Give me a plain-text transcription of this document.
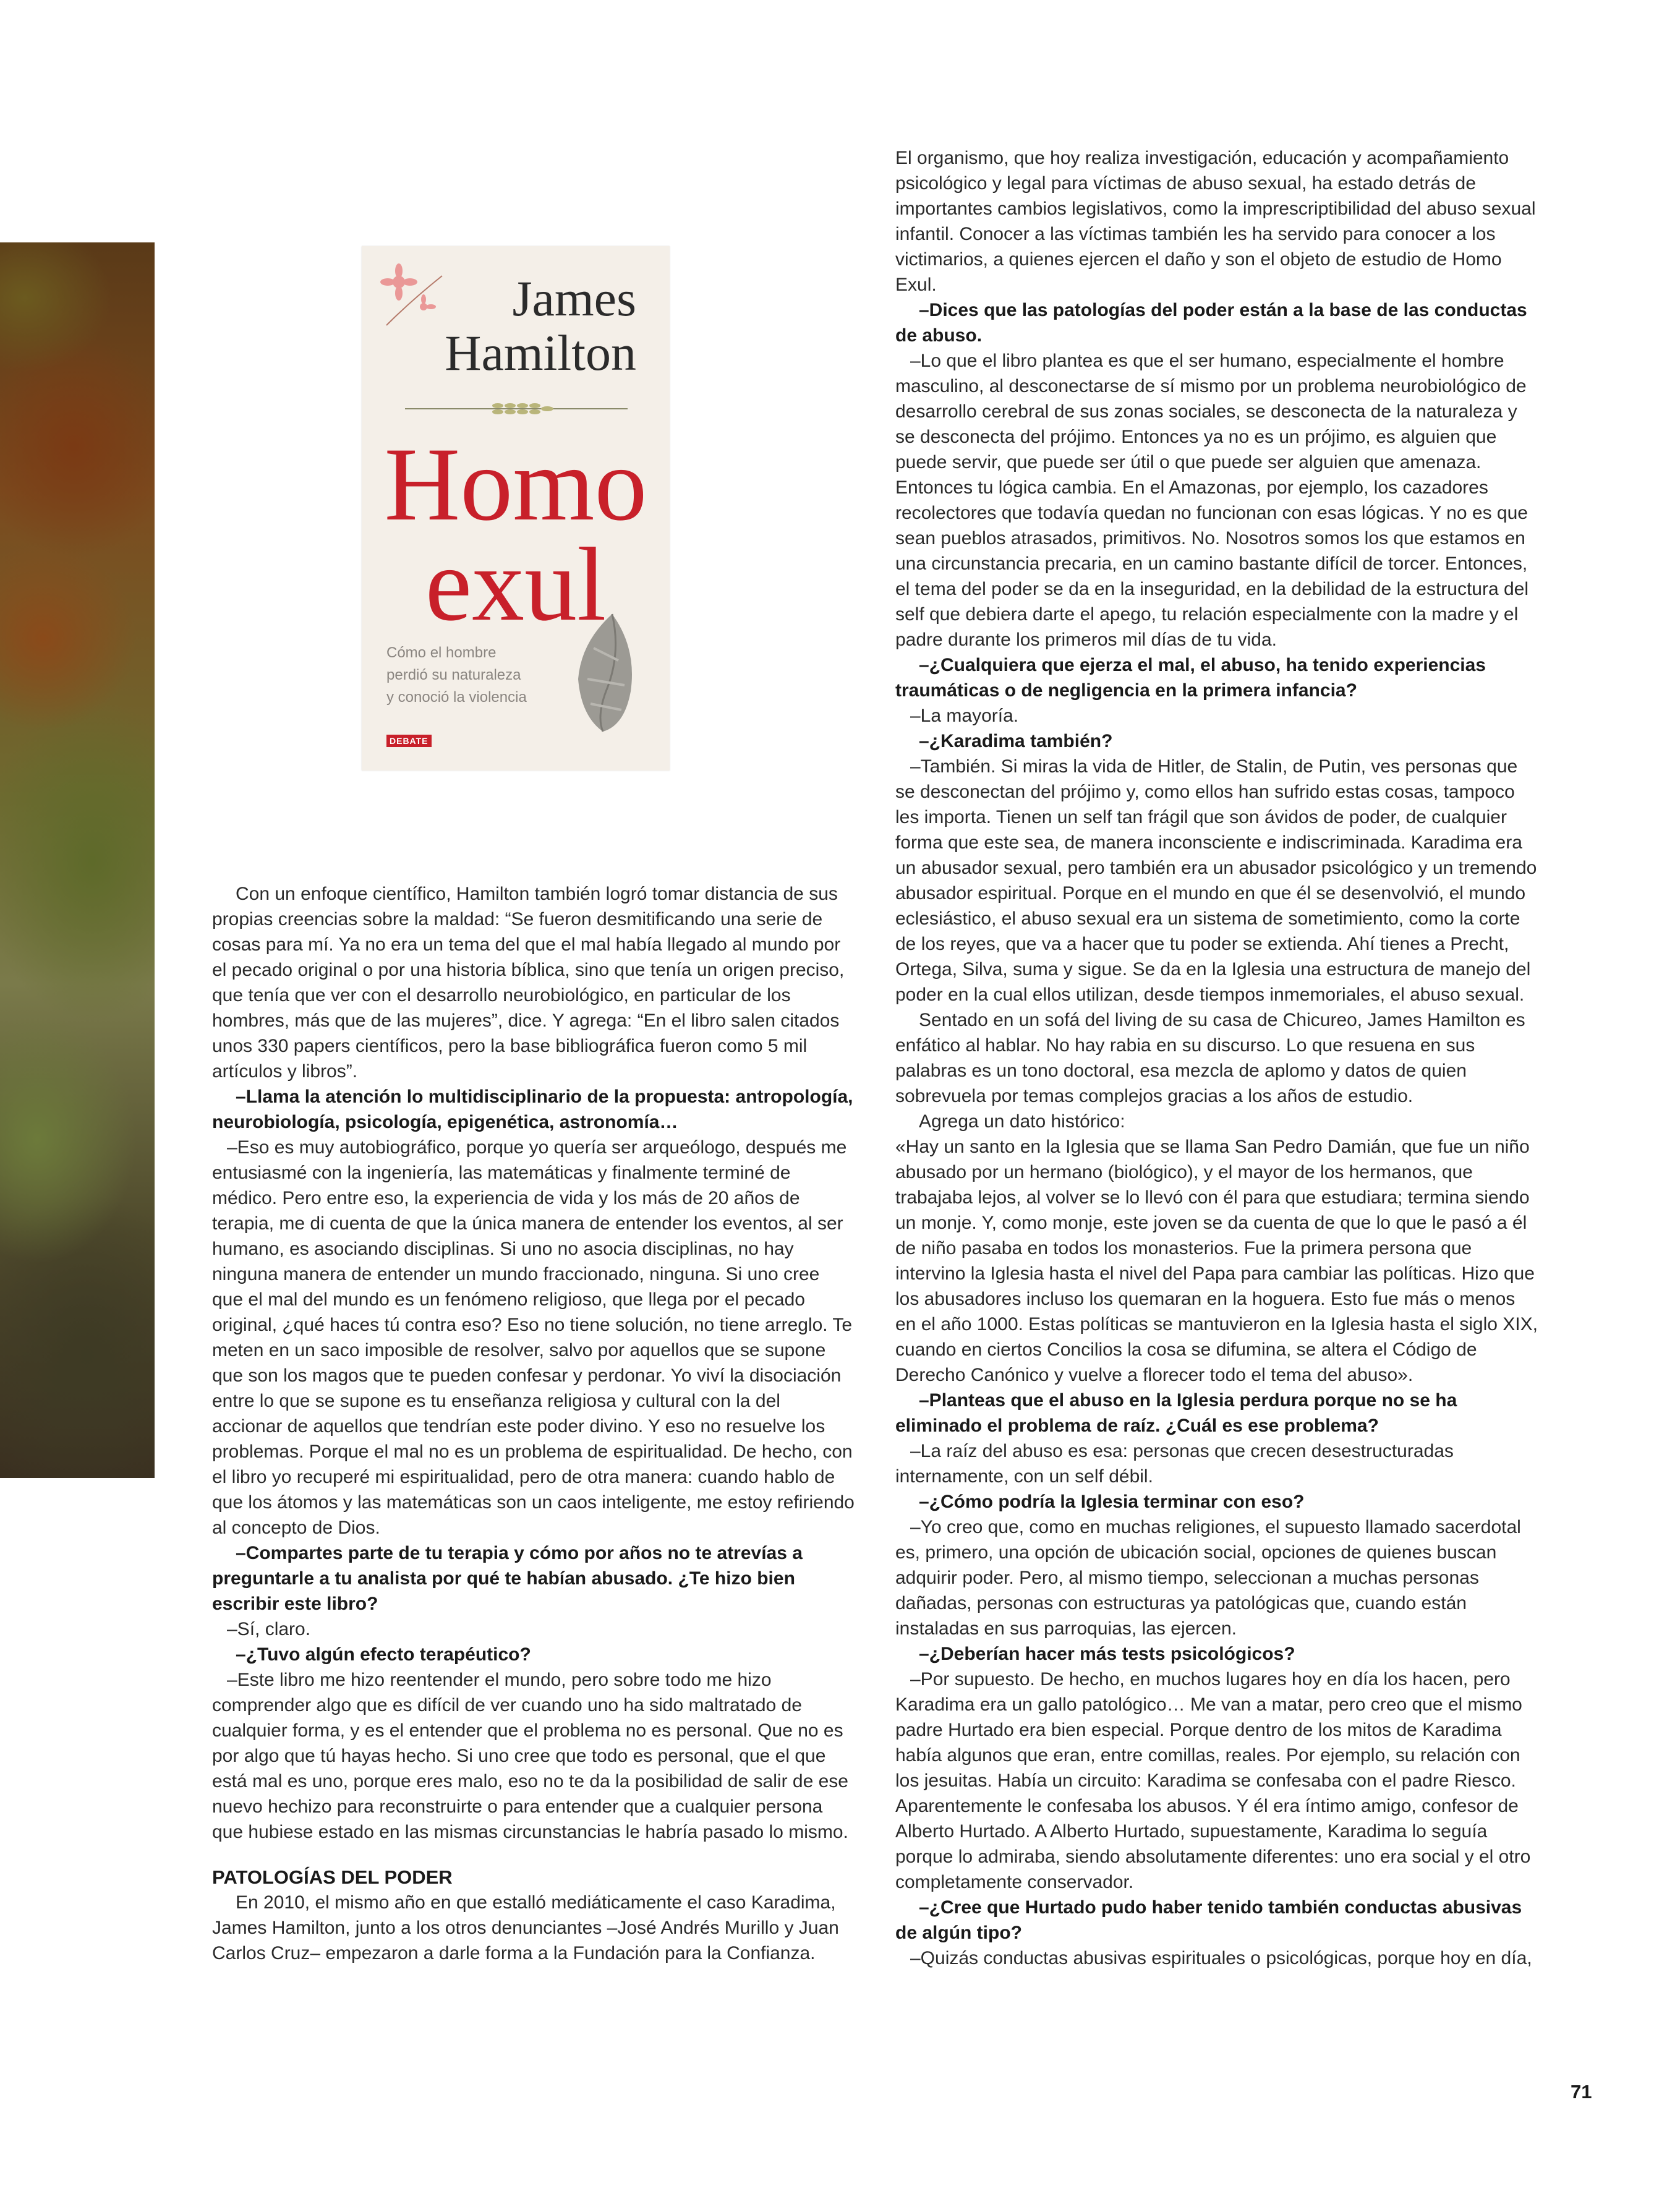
James
Hamilton
Homo
exul
Cómo el hombre
perdió su naturaleza
y conoció la violencia
DEBATE

Con un enfoque científico, Hamilton también logró tomar distancia de sus propias creencias sobre la maldad: “Se fueron desmitificando una serie de cosas para mí. Ya no era un tema del que el mal había llegado al mundo por el pecado original o por una historia bíblica, sino que tenía un origen preciso, que tenía que ver con el desarrollo neurobiológico, en particular de los hombres, más que de las mujeres”, dice. Y agrega: “En el libro salen citados unos 330 papers científicos, pero la base bibliográfica fueron como 5 mil artículos y libros”.

–Llama la atención lo multidisciplinario de la propuesta: antropología, neurobiología, psicología, epigenética, astronomía…

–Eso es muy autobiográfico, porque yo quería ser arqueólogo, después me entusiasmé con la ingeniería, las matemáticas y finalmente terminé de médico. Pero entre eso, la experiencia de vida y los más de 20 años de terapia, me di cuenta de que la única manera de entender los eventos, al ser humano, es asociando disciplinas. Si uno no asocia disciplinas, no hay ninguna manera de entender un mundo fraccionado, ninguna. Si uno cree que el mal del mundo es un fenómeno religioso, que llega por el pecado original, ¿qué haces tú contra eso? Eso no tiene solución, no tiene arreglo. Te meten en un saco imposible de resolver, salvo por aquellos que se supone que son los magos que te pueden confesar y perdonar. Yo viví la disociación entre lo que se supone es tu enseñanza religiosa y cultural con la del accionar de aquellos que tendrían este poder divino. Y eso no resuelve los problemas. Porque el mal no es un problema de espiritualidad. De hecho, con el libro yo recuperé mi espiritualidad, pero de otra manera: cuando hablo de que los átomos y las matemáticas son un caos inteligente, me estoy refiriendo al concepto de Dios.

–Compartes parte de tu terapia y cómo por años no te atrevías a preguntarle a tu analista por qué te habían abusado. ¿Te hizo bien escribir este libro?

–Sí, claro.

–¿Tuvo algún efecto terapéutico?

–Este libro me hizo reentender el mundo, pero sobre todo me hizo comprender algo que es difícil de ver cuando uno ha sido maltratado de cualquier forma, y es el entender que el problema no es personal. Que no es por algo que tú hayas hecho. Si uno cree que todo es personal, que el que está mal es uno, porque eres malo, eso no te da la posibilidad de salir de ese nuevo hechizo para reconstruirte o para entender que a cualquier persona que hubiese estado en las mismas circunstancias le habría pasado lo mismo.

PATOLOGÍAS DEL PODER

En 2010, el mismo año en que estalló mediáticamente el caso Karadima, James Hamilton, junto a los otros denunciantes –José Andrés Murillo y Juan Carlos Cruz– empezaron a darle forma a la Fundación para la Confianza.

El organismo, que hoy realiza investigación, educación y acompañamiento psicológico y legal para víctimas de abuso sexual, ha estado detrás de importantes cambios legislativos, como la imprescriptibilidad del abuso sexual infantil. Conocer a las víctimas también les ha servido para conocer a los victimarios, a quienes ejercen el daño y son el objeto de estudio de Homo Exul.

–Dices que las patologías del poder están a la base de las conductas de abuso.

–Lo que el libro plantea es que el ser humano, especialmente el hombre masculino, al desconectarse de sí mismo por un problema neurobiológico de desarrollo cerebral de sus zonas sociales, se desconecta de la naturaleza y se desconecta del prójimo. Entonces ya no es un prójimo, es alguien que puede servir, que puede ser útil o que puede ser alguien que amenaza. Entonces tu lógica cambia. En el Amazonas, por ejemplo, los cazadores recolectores que todavía quedan no funcionan con esas lógicas. Y no es que sean pueblos atrasados, primitivos. No. Nosotros somos los que estamos en una circunstancia precaria, en un camino bastante difícil de torcer. Entonces, el tema del poder se da en la inseguridad, en la debilidad de la estructura del self que debiera darte el apego, tu relación especialmente con la madre y el padre durante los primeros mil días de tu vida.

–¿Cualquiera que ejerza el mal, el abuso, ha tenido experiencias traumáticas o de negligencia en la primera infancia?

–La mayoría.

–¿Karadima también?

–También. Si miras la vida de Hitler, de Stalin, de Putin, ves personas que se desconectan del prójimo y, como ellos han sufrido estas cosas, tampoco les importa. Tienen un self tan frágil que son ávidos de poder, de cualquier forma que este sea, de manera inconsciente e indiscriminada. Karadima era un abusador sexual, pero también era un abusador psicológico y un tremendo abusador espiritual. Porque en el mundo en que él se desenvolvió, el mundo eclesiástico, el abuso sexual era un sistema de sometimiento, como la corte de los reyes, que va a hacer que tu poder se extienda. Ahí tienes a Precht, Ortega, Silva, suma y sigue. Se da en la Iglesia una estructura de manejo del poder en la cual ellos utilizan, desde tiempos inmemoriales, el abuso sexual.

Sentado en un sofá del living de su casa de Chicureo, James Hamilton es enfático al hablar. No hay rabia en su discurso. Lo que resuena en sus palabras es un tono doctoral, esa mezcla de aplomo y datos de quien sobrevuela por temas complejos gracias a los años de estudio.

Agrega un dato histórico:

«Hay un santo en la Iglesia que se llama San Pedro Damián, que fue un niño abusado por un hermano (biológico), y el mayor de los hermanos, que trabajaba lejos, al volver se lo llevó con él para que estudiara; termina siendo un monje. Y, como monje, este joven se da cuenta de que lo que le pasó a él de niño pasaba en todos los monasterios. Fue la primera persona que intervino la Iglesia hasta el nivel del Papa para cambiar las políticas. Hizo que los abusadores incluso los quemaran en la hoguera. Esto fue más o menos en el año 1000. Estas políticas se mantuvieron en la Iglesia hasta el siglo XIX, cuando en ciertos Concilios la cosa se difumina, se altera el Código de Derecho Canónico y vuelve a florecer todo el tema del abuso».

–Planteas que el abuso en la Iglesia perdura porque no se ha eliminado el problema de raíz. ¿Cuál es ese problema?

–La raíz del abuso es esa: personas que crecen desestructuradas internamente, con un self débil.

–¿Cómo podría la Iglesia terminar con eso?

–Yo creo que, como en muchas religiones, el supuesto llamado sacerdotal es, primero, una opción de ubicación social, opciones de quienes buscan adquirir poder. Pero, al mismo tiempo, seleccionan a muchas personas dañadas, personas con estructuras ya patológicas que, cuando están instaladas en sus parroquias, las ejercen.

–¿Deberían hacer más tests psicológicos?

–Por supuesto. De hecho, en muchos lugares hoy en día los hacen, pero Karadima era un gallo patológico… Me van a matar, pero creo que el mismo padre Hurtado era bien especial. Porque dentro de los mitos de Karadima había algunos que eran, entre comillas, reales. Por ejemplo, su relación con los jesuitas. Había un circuito: Karadima se confesaba con el padre Riesco. Aparentemente le confesaba los abusos. Y él era íntimo amigo, confesor de Alberto Hurtado. A Alberto Hurtado, supuestamente, Karadima lo seguía porque lo admiraba, siendo absolutamente diferentes: uno era social y el otro completamente conservador.

–¿Cree que Hurtado pudo haber tenido también conductas abusivas de algún tipo?

–Quizás conductas abusivas espirituales o psicológicas, porque hoy en día,

71
